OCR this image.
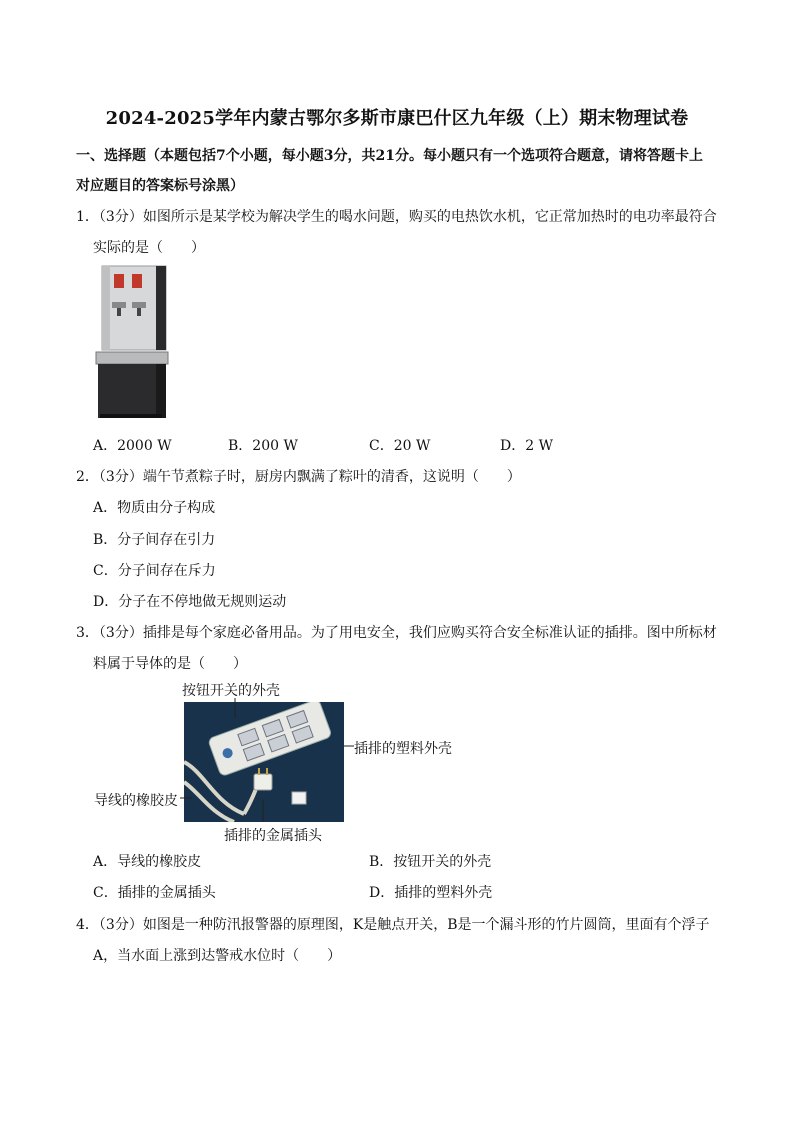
2024-2025学年内蒙古鄂尔多斯市康巴什区九年级（上）期末物理试卷
一、选择题（本题包括7个小题，每小题3分，共21分。每小题只有一个选项符合题意，请将答题卡上
对应题目的答案标号涂黑）
1．（3分）如图所示是某学校为解决学生的喝水问题，购买的电热饮水机，它正常加热时的电功率最符合
实际的是（　　）
A．2000 W	B．200 W	C．20 W	D．2 W
2．（3分）端午节煮粽子时，厨房内飘满了粽叶的清香，这说明（　　）
A．物质由分子构成
B．分子间存在引力
C．分子间存在斥力
D．分子在不停地做无规则运动
3．（3分）插排是每个家庭必备用品。为了用电安全，我们应购买符合安全标准认证的插排。图中所标材
料属于导体的是（　　）
按钮开关的外壳
插排的塑料外壳
导线的橡胶皮
插排的金属插头
A．导线的橡胶皮	B．按钮开关的外壳
C．插排的金属插头	D．插排的塑料外壳
4．（3分）如图是一种防汛报警器的原理图，K是触点开关，B是一个漏斗形的竹片圆筒，里面有个浮子
A，当水面上涨到达警戒水位时（　　）
